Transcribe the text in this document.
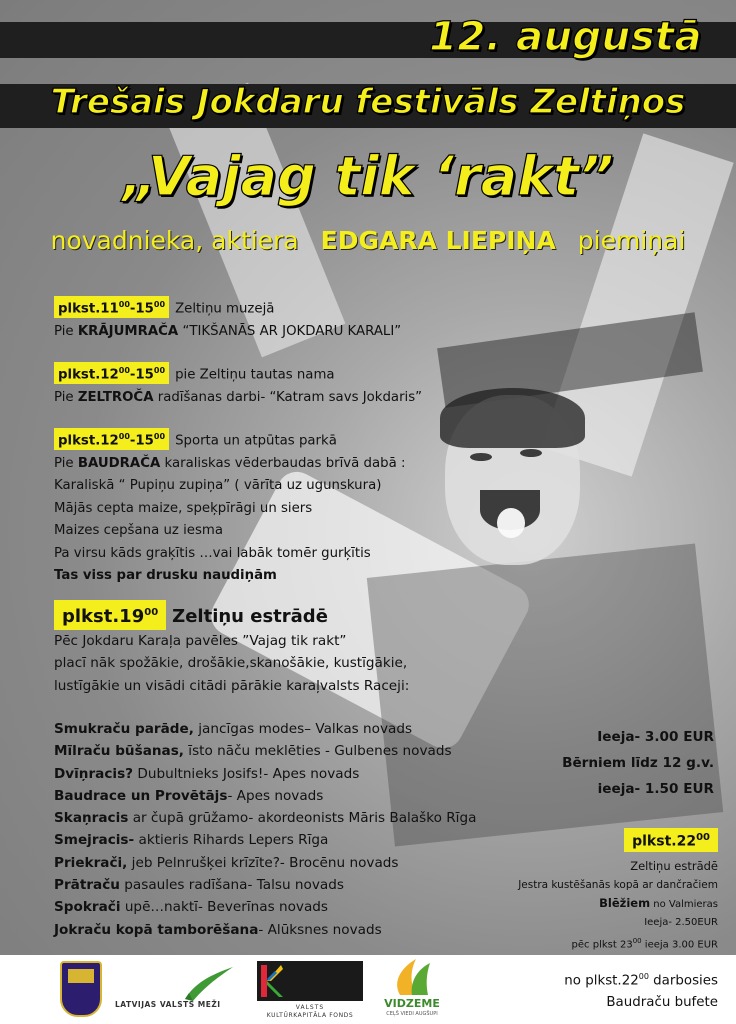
12. augustā
Trešais Jokdaru festivāls Zeltiņos
„Vajag tik ‘rakt”
novadnieka, aktiera EDGARA LIEPIŅA piemiņai

$plkst.11^{00}-15^{00}$ Zeltiņu muzejā

Pie KRĀJUMRAČA “TIKŠANĀS AR JOKDARU KARALI”

$plkst.12^{00}-15^{00}$ pie Zeltiņu tautas nama

Pie ZELTROČA radīšanas darbi- “Katram savs Jokdaris”

$plkst.12^{00}-15^{00}$ Sporta un atpūtas parkā

Pie BAUDRAČA karaliskas vēderbaudas brīvā dabā :

Karaliskā “ Pupiņu zupiņa” ( vārīta uz ugunskura)

Mājās cepta maize, speķpīrāgi un siers

Maizes cepšana uz iesma

Pa virsu kāds graķītis …vai labāk tomēr gurķītis

Tas viss par drusku naudiņām

$plkst.19^{00}$ Zeltiņu estrādē

Pēc Jokdaru Karaļa pavēles ”Vajag tik rakt”

placī nāk spožākie, drošākie,skanošākie, kustīgākie,

lustīgākie un visādi citādi pārākie karaļvalsts Raceji:

Smukraču parāde, jancīgas modes– Valkas novads

Mīlraču būšanas, īsto nāču meklēties - Gulbenes novads

Dvīņracis? Dubultnieks Josifs!- Apes novads

Baudrace un Provētājs- Apes novads

Skaņracis ar čupā grūžamo- akordeonists Māris Balaško Rīga

Smejracis- aktieris Rihards Lepers Rīga

Priekrači, jeb Pelnrušķei krīzīte?- Brocēnu novads

Prātraču pasaules radīšana- Talsu novads

Spokrači upē…naktī- Beverīnas novads

Jokraču kopā tamborēšana- Alūksnes novads

Ieeja- 3.00 EUR

Bērniem līdz 12 g.v.

ieeja- 1.50 EUR

$plkst.22^{00}$

Zeltiņu estrādē

Jestra kustēšanās kopā ar dančračiem

Blēžiem no Valmieras

Ieeja- 2.50EUR

pēc plkst $23^{00}$ ieeja 3.00 EUR

no $plkst.22^{00}$ darbosies

Baudraču bufete

LATVIJAS VALSTS MEŽI	VALSTS
KULTŪRKAPITĀLA FONDS
VIDZEME
CEĻŠ VIEDI AUGŠUPI
